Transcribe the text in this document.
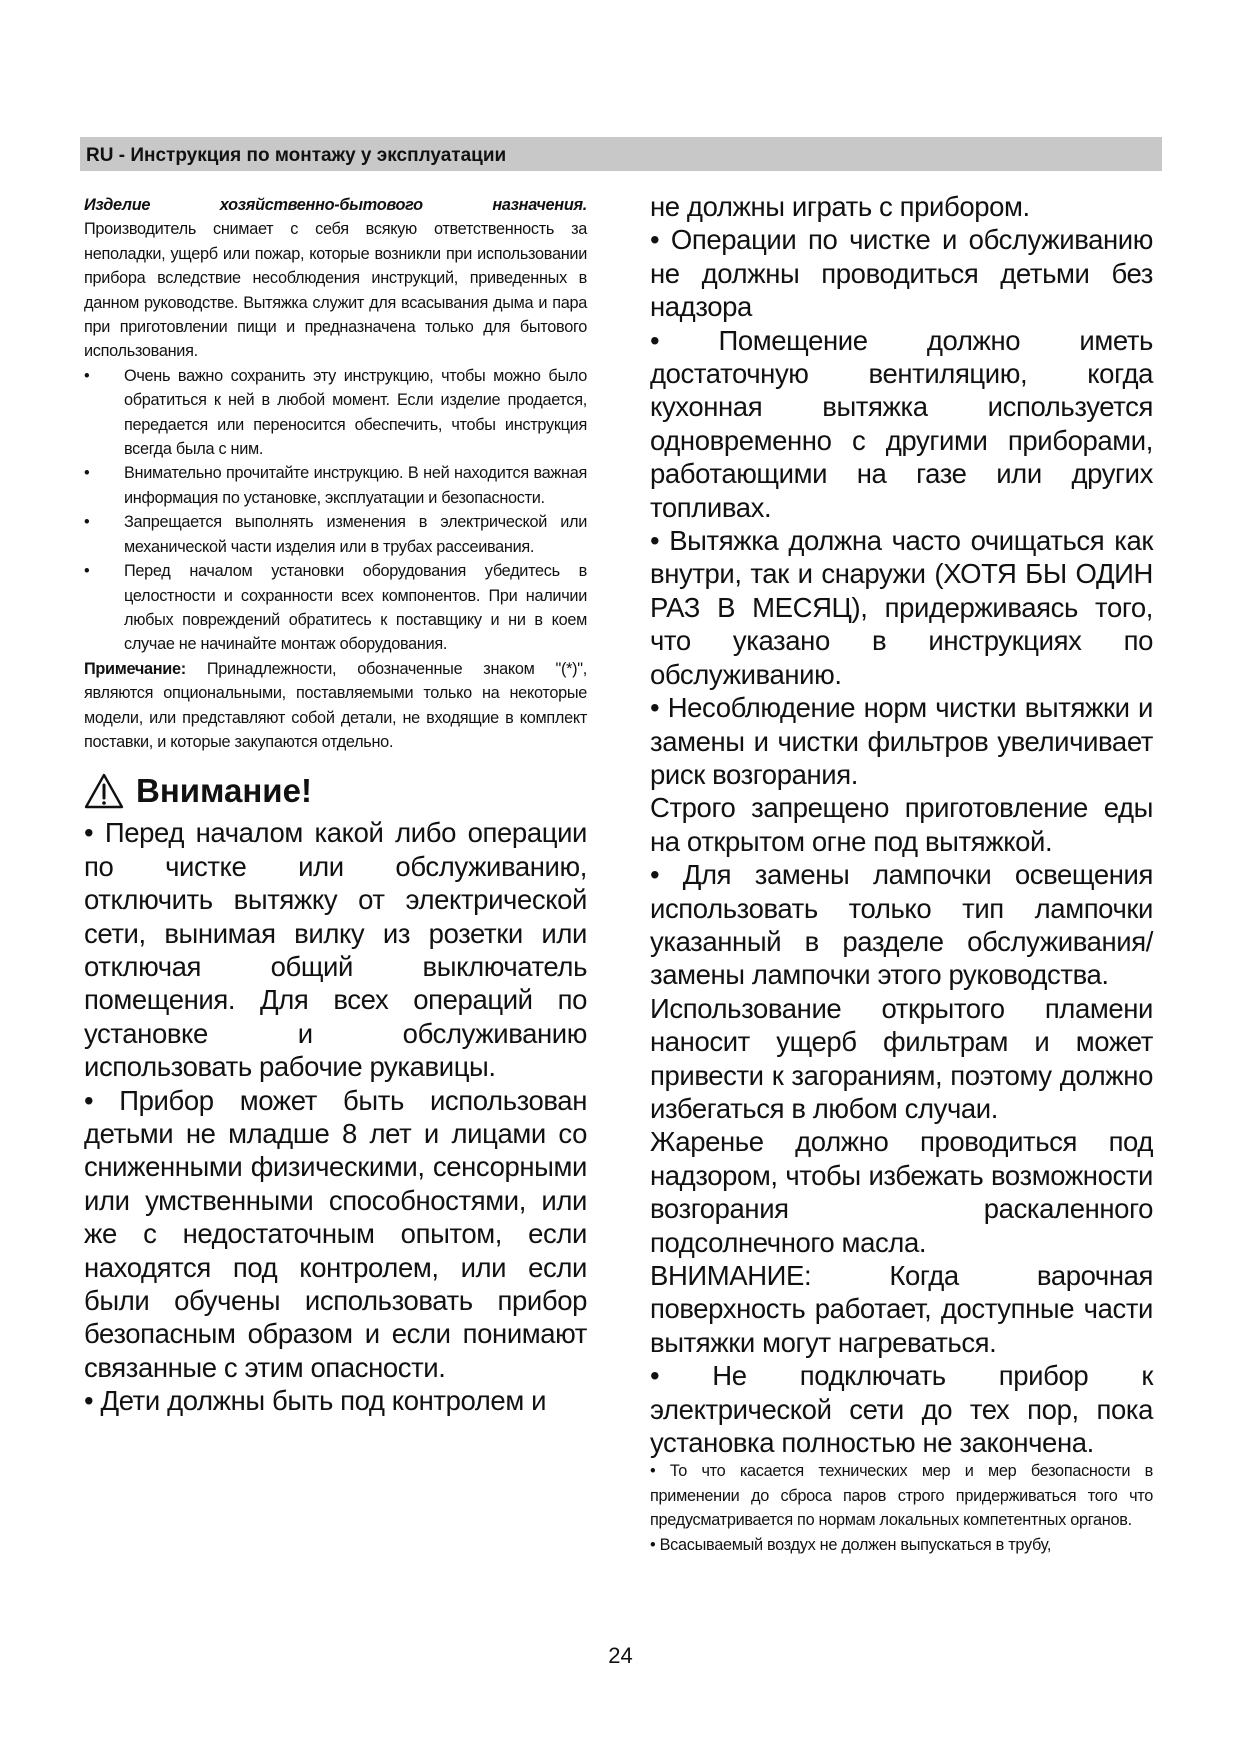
RU - Инструкция по монтажу у эксплуатации

Изделие хозяйственно-бытового назначения.

Производитель снимает с себя всякую ответственность за неполадки, ущерб или пожар, которые возникли при использовании прибора вследствие несоблюдения инструкций, приведенных в данном руководстве. Вытяжка служит для всасывания дыма и пара при приготовлении пищи и предназначена только для бытового использования.

• Очень важно сохранить эту инструкцию, чтобы можно было обратиться к ней в любой момент. Если изделие продается, передается или переносится обеспечить, чтобы инструкция всегда была с ним.
• Внимательно прочитайте инструкцию. В ней находится важная информация по установке, эксплуатации и безопасности.
• Запрещается выполнять изменения в электрической или механической части изделия или в трубах рассеивания.
• Перед началом установки оборудования убедитесь в целостности и сохранности всех компонентов. При наличии любых повреждений обратитесь к поставщику и ни в коем случае не начинайте монтаж оборудования.

Примечание: Принадлежности, обозначенные знаком "(*)", являются опциональными, поставляемыми только на некоторые модели, или представляют собой детали, не входящие в комплект поставки, и которые закупаются отдельно.

Внимание!

• Перед началом какой либо операции по чистке или обслуживанию, отключить вытяжку от электрической сети, вынимая вилку из розетки или отключая общий выключатель помещения. Для всех операций по установке и обслуживанию использовать рабочие рукавицы.

• Прибор может быть использован детьми не младше 8 лет и лицами со сниженными физическими, сенсорными или умственными способностями, или же с недостаточным опытом, если находятся под контролем, или если были обучены использовать прибор безопасным образом и если понимают связанные с этим опасности.

• Дети должны быть под контролем и

не должны играть с прибором.

• Операции по чистке и обслуживанию не должны проводиться детьми без надзора

• Помещение должно иметь достаточную вентиляцию, когда кухонная вытяжка используется одновременно с другими приборами, работающими на газе или других топливах.

• Вытяжка должна часто очищаться как внутри, так и снаружи (ХОТЯ БЫ ОДИН РАЗ В МЕСЯЦ), придерживаясь того, что указано в инструкциях по обслуживанию.

• Несоблюдение норм чистки вытяжки и замены и чистки фильтров увеличивает риск возгорания.

Строго запрещено приготовление еды на открытом огне под вытяжкой.

• Для замены лампочки освещения использовать только тип лампочки указанный в разделе обслуживания/замены лампочки этого руководства.

Использование открытого пламени наносит ущерб фильтрам и может привести к загораниям, поэтому должно избегаться в любом случаи.

Жаренье должно проводиться под надзором, чтобы избежать возможности возгорания раскаленного подсолнечного масла.

ВНИМАНИЕ: Когда варочная поверхность работает, доступные части вытяжки могут нагреваться.

• Не подключать прибор к электрической сети до тех пор, пока установка полностью не закончена.

• То что касается технических мер и мер безопасности в применении до сброса паров строго придерживаться того что предусматривается по нормам локальных компетентных органов.

• Всасываемый воздух не должен выпускаться в трубу,

24
